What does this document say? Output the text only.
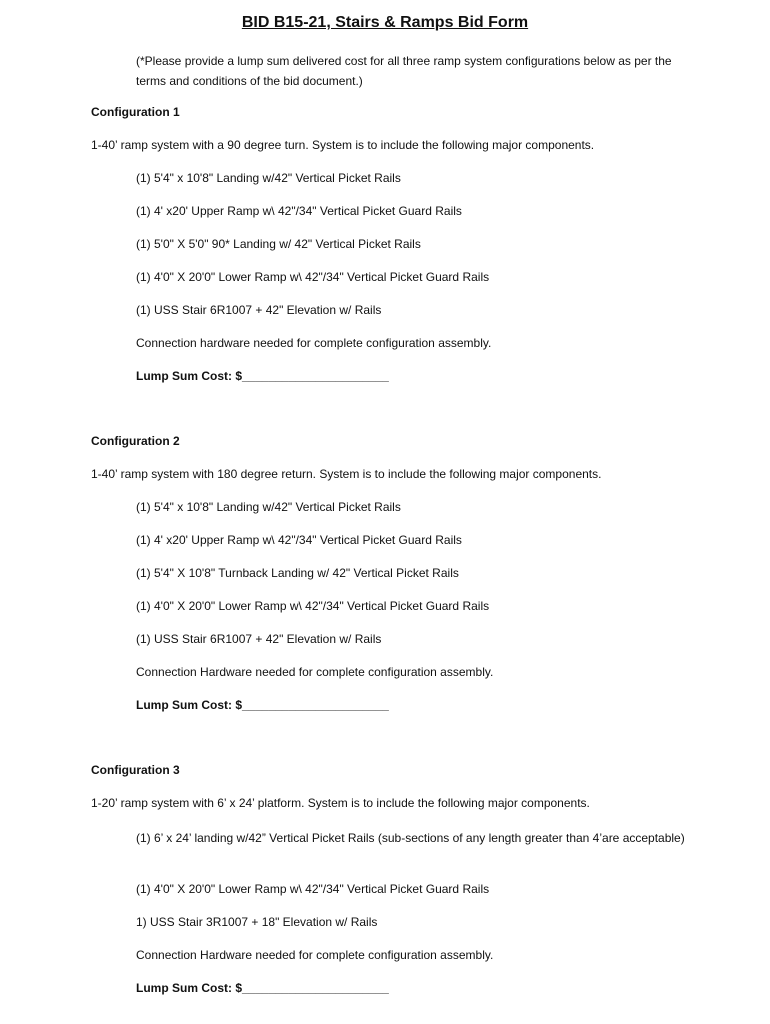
BID B15-21, Stairs & Ramps Bid Form
(*Please provide a lump sum delivered cost for all three ramp system configurations below as per the terms and conditions of the bid document.)
Configuration 1
1-40’ ramp system with a 90 degree turn. System is to include the following major components.
(1) 5'4" x 10'8" Landing w/42" Vertical Picket Rails
(1) 4' x20' Upper Ramp w\ 42"/34" Vertical Picket Guard Rails
(1) 5'0" X 5'0" 90* Landing w/ 42" Vertical Picket Rails
(1) 4'0" X 20'0" Lower Ramp w\ 42"/34" Vertical Picket Guard Rails
(1) USS Stair 6R1007 + 42" Elevation w/ Rails
Connection hardware needed for complete configuration assembly.
Lump Sum Cost: $______________________
Configuration 2
1-40’ ramp system with 180 degree return. System is to include the following major components.
(1) 5'4" x 10'8" Landing w/42" Vertical Picket Rails
(1) 4' x20' Upper Ramp w\ 42"/34" Vertical Picket Guard Rails
(1) 5'4" X 10'8" Turnback Landing w/ 42" Vertical Picket Rails
(1) 4'0" X 20'0" Lower Ramp w\ 42"/34" Vertical Picket Guard Rails
(1) USS Stair 6R1007 + 42" Elevation w/ Rails
Connection Hardware needed for complete configuration assembly.
Lump Sum Cost: $______________________
Configuration 3
1-20’ ramp system with 6’ x 24’ platform. System is to include the following major components.
(1) 6’ x 24’ landing w/42” Vertical Picket Rails (sub-sections of any length greater than 4’are acceptable)
(1) 4'0" X 20'0" Lower Ramp w\ 42"/34" Vertical Picket Guard Rails
1) USS Stair 3R1007 + 18" Elevation w/ Rails
Connection Hardware needed for complete configuration assembly.
Lump Sum Cost: $______________________
